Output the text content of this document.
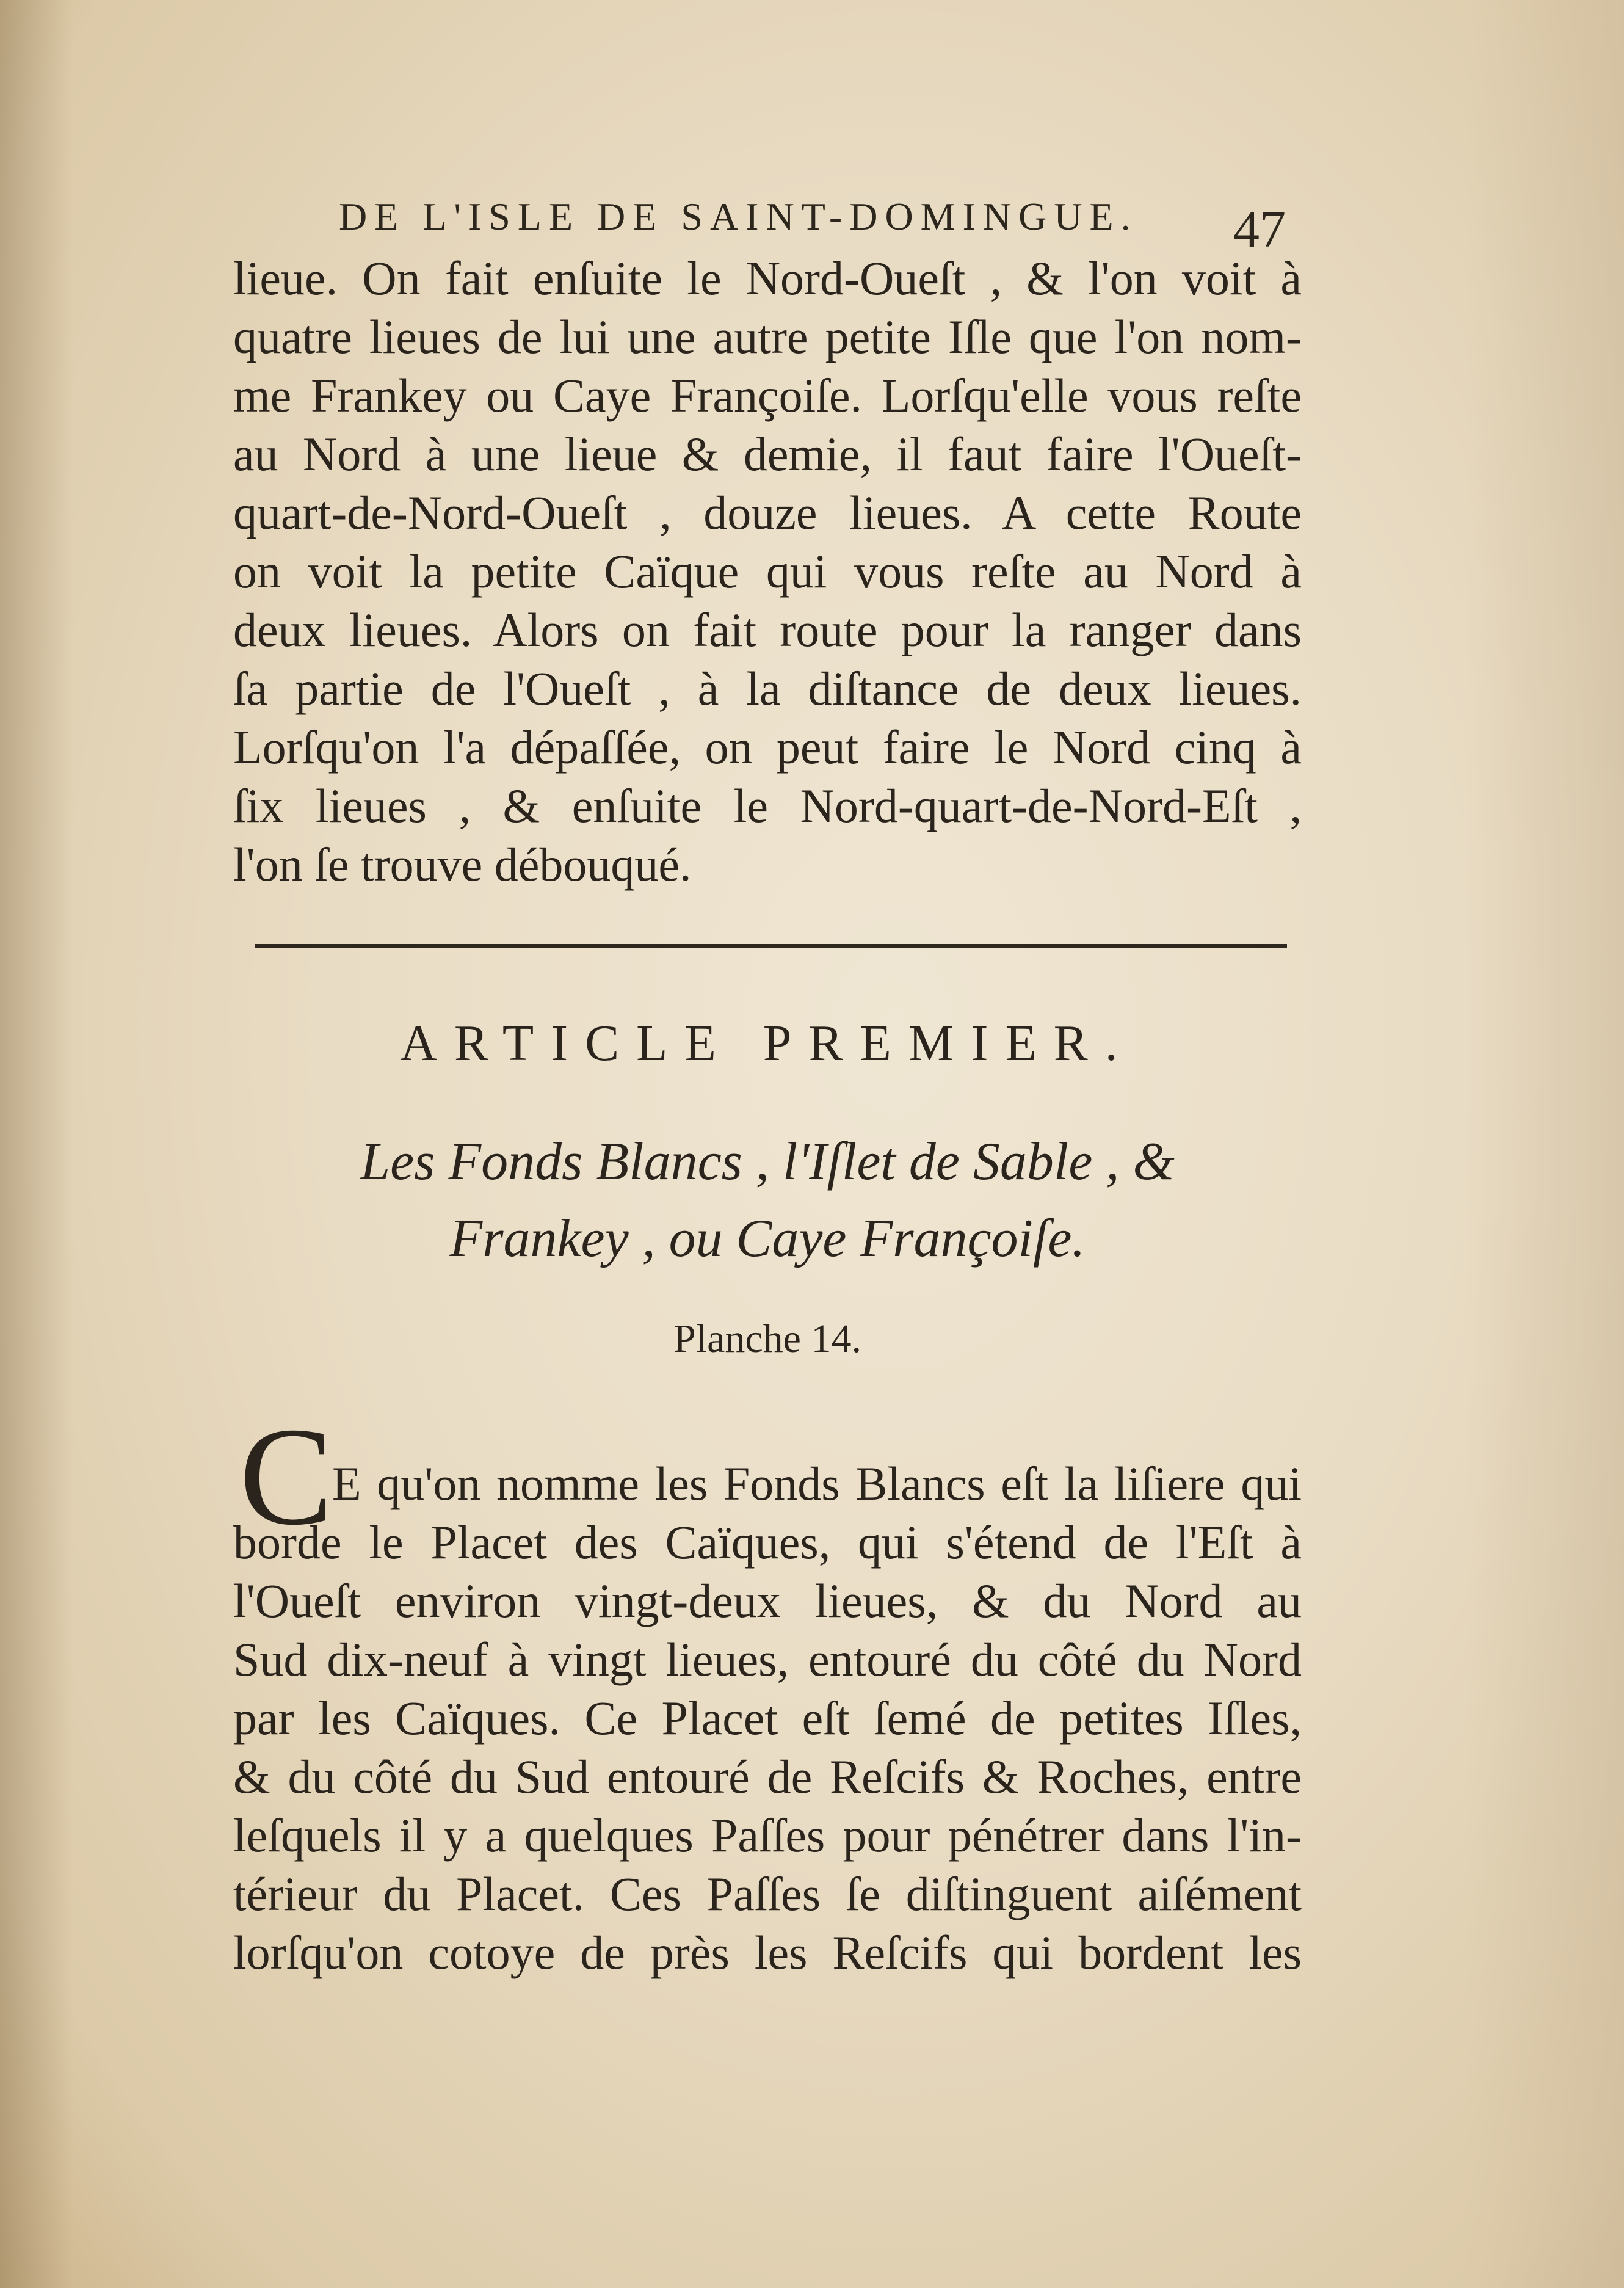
DE L'ISLE DE SAINT-DOMINGUE.	47
lieue. On fait enſuite le Nord-Oueſt , & l'on voit à
quatre lieues de lui une autre petite Iſle que l'on nom-
me Frankey ou Caye Françoiſe. Lorſqu'elle vous reſte
au Nord à une lieue & demie, il faut faire l'Oueſt-
quart-de-Nord-Oueſt , douze lieues. A cette Route
on voit la petite Caïque qui vous reſte au Nord à
deux lieues. Alors on fait route pour la ranger dans
ſa partie de l'Oueſt , à la diſtance de deux lieues.
Lorſqu'on l'a dépaſſée, on peut faire le Nord cinq à
ſix lieues , & enſuite le Nord-quart-de-Nord-Eſt ,
l'on ſe trouve débouqué.
ARTICLE PREMIER.
Les Fonds Blancs , l'Iſlet de Sable , &
Frankey , ou Caye Françoiſe.
Planche 14.
C
E qu'on nomme les Fonds Blancs eſt la liſiere qui
borde le Placet des Caïques, qui s'étend de l'Eſt à
l'Oueſt environ vingt-deux lieues, & du Nord au
Sud dix-neuf à vingt lieues, entouré du côté du Nord
par les Caïques. Ce Placet eſt ſemé de petites Iſles,
& du côté du Sud entouré de Reſcifs & Roches, entre
leſquels il y a quelques Paſſes pour pénétrer dans l'in-
térieur du Placet. Ces Paſſes ſe diſtinguent aiſément
lorſqu'on cotoye de près les Reſcifs qui bordent les
